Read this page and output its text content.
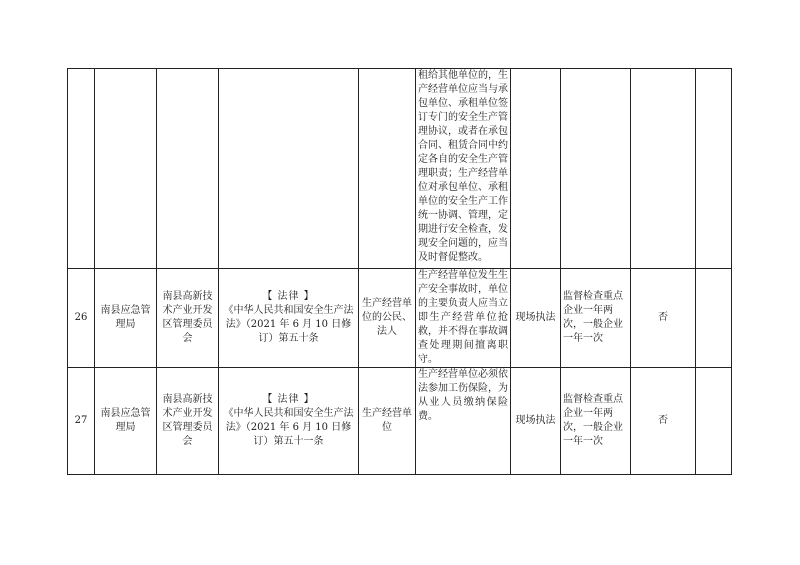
		租给其他单位的，生产经营单位应当与承包单位、承租单位签订专门的安全生产管理协议，或者在承包合同、租赁合同中约定各自的安全生产管理职责；生产经营单位对承包单位、承租单位的安全生产工作统一协调、管理，定期进行安全检查，发现安全问题的，应当及时督促整改。				
26	南县应急管理局	南县高新技术产业开发区管理委员会	【 法律 】
《中华人民共和国安全生产法法》（2021 年 6 月 10 日修订）第五十条	生产经营单位的公民、法人	生产经营单位发生生产安全事故时，单位的主要负责人应当立即生产经营单位抢救，并不得在事故调查处理期间擅离职守。	现场执法	监督检查重点企业一年两次，一般企业一年一次	否	
27	南县应急管理局	南县高新技术产业开发区管理委员会	【 法律 】
《中华人民共和国安全生产法法》（2021 年 6 月 10 日修订）第五十一条	生产经营单位	生产经营单位必须依法参加工伤保险，为从业人员缴纳保险费。	现场执法	监督检查重点企业一年两次，一般企业一年一次	否	
